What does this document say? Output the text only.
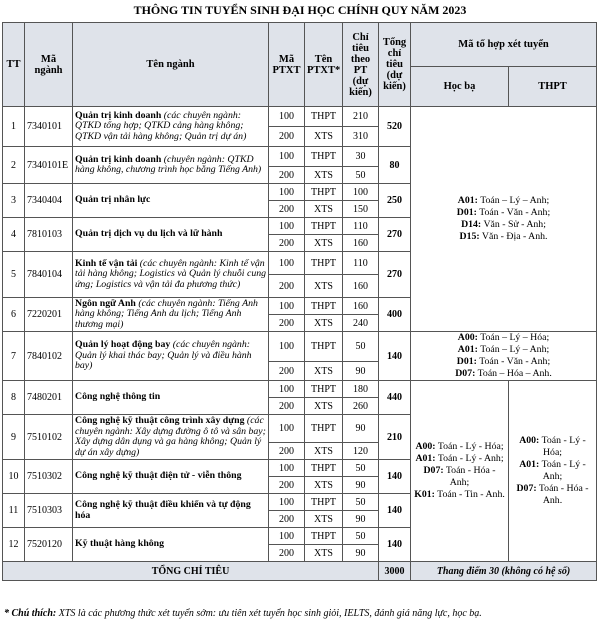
THÔNG TIN TUYỂN SINH ĐẠI HỌC CHÍNH QUY NĂM 2023
TT	Mã ngành	Tên ngành	Mã PTXT	Tên PTXT*	Chỉ tiêu theo PT (dự kiến)	Tổng chỉ tiêu (dự kiến)	Mã tổ hợp xét tuyển	
							Học bạ	THPT
1	7340101	Quản trị kinh doanh (các chuyên ngành: QTKD tổng hợp; QTKD cảng hàng không; QTKD vận tải hàng không; Quản trị dự án)	100	THPT	210	520	A01: Toán – Lý – Anh;
D01: Toán - Văn - Anh;
D14: Văn - Sử - Anh;
D15: Văn - Địa - Anh.	

			200	XTS	310			
2	7340101E	Quản trị kinh doanh (chuyên ngành: QTKD hàng không, chương trình học bằng Tiếng Anh)	100	THPT	30	80		
			200	XTS	50			
3	7340404	Quản trị nhân lực	100	THPT	100	250		
			200	XTS	150			
4	7810103	Quản trị dịch vụ du lịch và lữ hành	100	THPT	110	270		
			200	XTS	160			
5	7840104	Kinh tế vận tải (các chuyên ngành: Kinh tế vận tải hàng không; Logistics và Quản lý chuỗi cung ứng; Logistics và vận tải đa phương thức)	100	THPT	110	270		
			200	XTS	160			
6	7220201	Ngôn ngữ Anh (các chuyên ngành: Tiếng Anh hàng không; Tiếng Anh du lịch; Tiếng Anh thương mại)	100	THPT	160	400		
			200	XTS	240			
7	7840102	Quản lý hoạt động bay (các chuyên ngành: Quản lý khai thác bay; Quản lý và điều hành bay)	100	THPT	50	140	A00: Toán – Lý – Hóa;
A01: Toán – Lý – Anh;
D01: Toán - Văn - Anh;
D07: Toán – Hóa – Anh.	

			200	XTS	90			
8	7480201	Công nghệ thông tin	100	THPT	180	440	A00: Toán - Lý - Hóa;
A01: Toán - Lý - Anh;
D07: Toán - Hóa - Anh;
K01: Toán - Tin - Anh.	A00: Toán - Lý - Hóa;
A01: Toán - Lý - Anh;
D07: Toán - Hóa - Anh.

			200	XTS	260			
9	7510102	Công nghệ kỹ thuật công trình xây dựng (các chuyên ngành: Xây dựng đường ô tô và sân bay; Xây dựng dân dụng và ga hàng không; Quản lý dự án xây dựng)	100	THPT	90	210		
			200	XTS	120			
10	7510302	Công nghệ kỹ thuật điện tử - viễn thông	100	THPT	50	140		
			200	XTS	90			
11	7510303	Công nghệ kỹ thuật điều khiển và tự động hóa	100	THPT	50	140		
			200	XTS	90			
12	7520120	Kỹ thuật hàng không	100	THPT	50	140		
			200	XTS	90			
TỔNG CHỈ TIÊU						3000	Thang điểm 30 (không có hệ số)	
* Chú thích: XTS là các phương thức xét tuyển sớm: ưu tiên xét tuyển học sinh giỏi, IELTS, đánh giá năng lực, học bạ.
